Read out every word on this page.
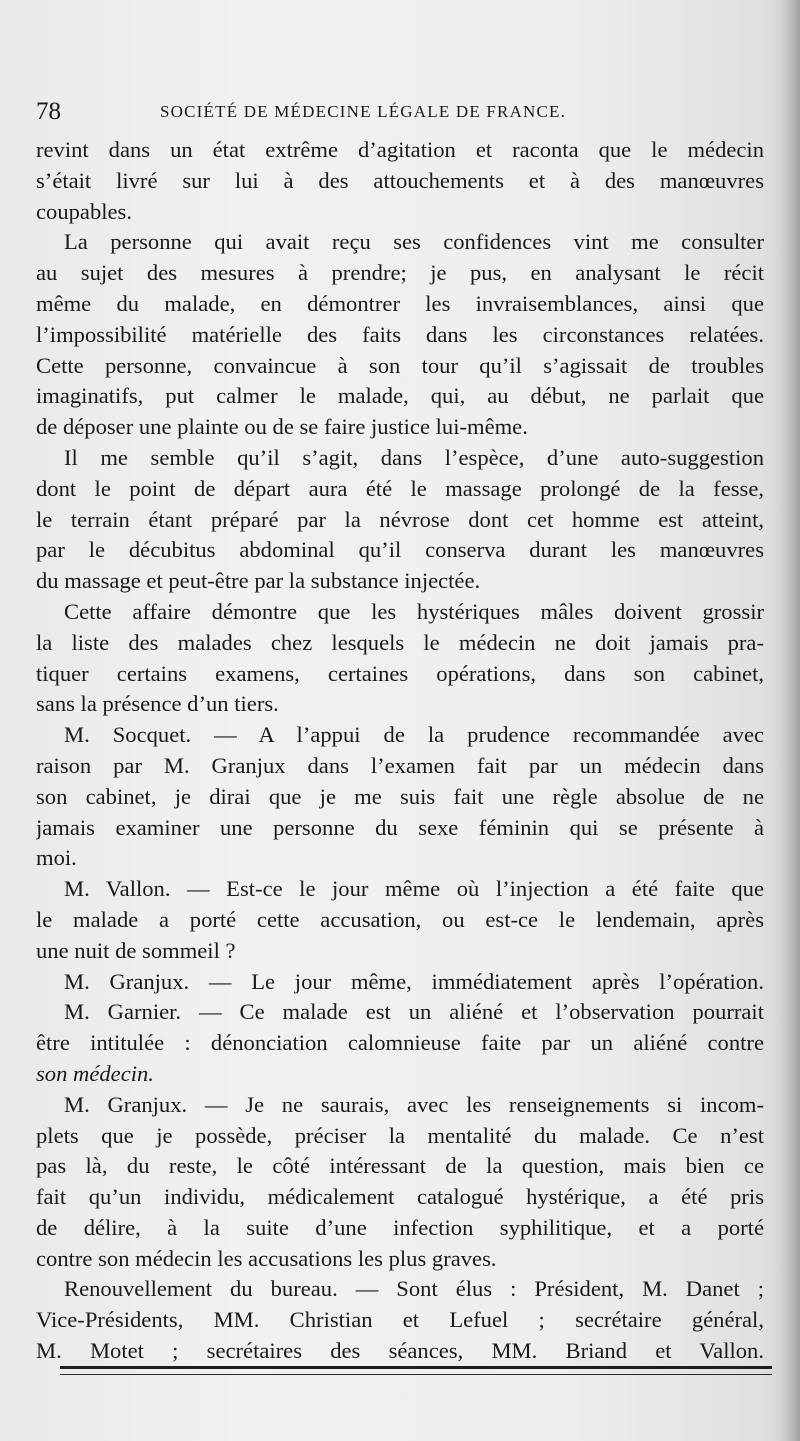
78	SOCIÉTÉ DE MÉDECINE LÉGALE DE FRANCE.
revint dans un état extrême d’agitation et raconta que le médecin
s’était livré sur lui à des attouchements et à des manœuvres
coupables.
La personne qui avait reçu ses confidences vint me consulter
au sujet des mesures à prendre; je pus, en analysant le récit
même du malade, en démontrer les invraisemblances, ainsi que
l’impossibilité matérielle des faits dans les circonstances relatées.
Cette personne, convaincue à son tour qu’il s’agissait de troubles
imaginatifs, put calmer le malade, qui, au début, ne parlait que
de déposer une plainte ou de se faire justice lui-même.
Il me semble qu’il s’agit, dans l’espèce, d’une auto-suggestion
dont le point de départ aura été le massage prolongé de la fesse,
le terrain étant préparé par la névrose dont cet homme est atteint,
par le décubitus abdominal qu’il conserva durant les manœuvres
du massage et peut-être par la substance injectée.
Cette affaire démontre que les hystériques mâles doivent grossir
la liste des malades chez lesquels le médecin ne doit jamais pra-
tiquer certains examens, certaines opérations, dans son cabinet,
sans la présence d’un tiers.
M. Socquet. — A l’appui de la prudence recommandée avec
raison par M. Granjux dans l’examen fait par un médecin dans
son cabinet, je dirai que je me suis fait une règle absolue de ne
jamais examiner une personne du sexe féminin qui se présente à
moi.
M. Vallon. — Est-ce le jour même où l’injection a été faite que
le malade a porté cette accusation, ou est-ce le lendemain, après
une nuit de sommeil ?
M. Granjux. — Le jour même, immédiatement après l’opération.
M. Garnier. — Ce malade est un aliéné et l’observation pourrait
être intitulée : dénonciation calomnieuse faite par un aliéné contre
son médecin.
M. Granjux. — Je ne saurais, avec les renseignements si incom-
plets que je possède, préciser la mentalité du malade. Ce n’est
pas là, du reste, le côté intéressant de la question, mais bien ce
fait qu’un individu, médicalement catalogué hystérique, a été pris
de délire, à la suite d’une infection syphilitique, et a porté
contre son médecin les accusations les plus graves.
Renouvellement du bureau. — Sont élus : Président, M. Danet ;
Vice-Présidents, MM. Christian et Lefuel ; secrétaire général,
M. Motet ; secrétaires des séances, MM. Briand et Vallon.
